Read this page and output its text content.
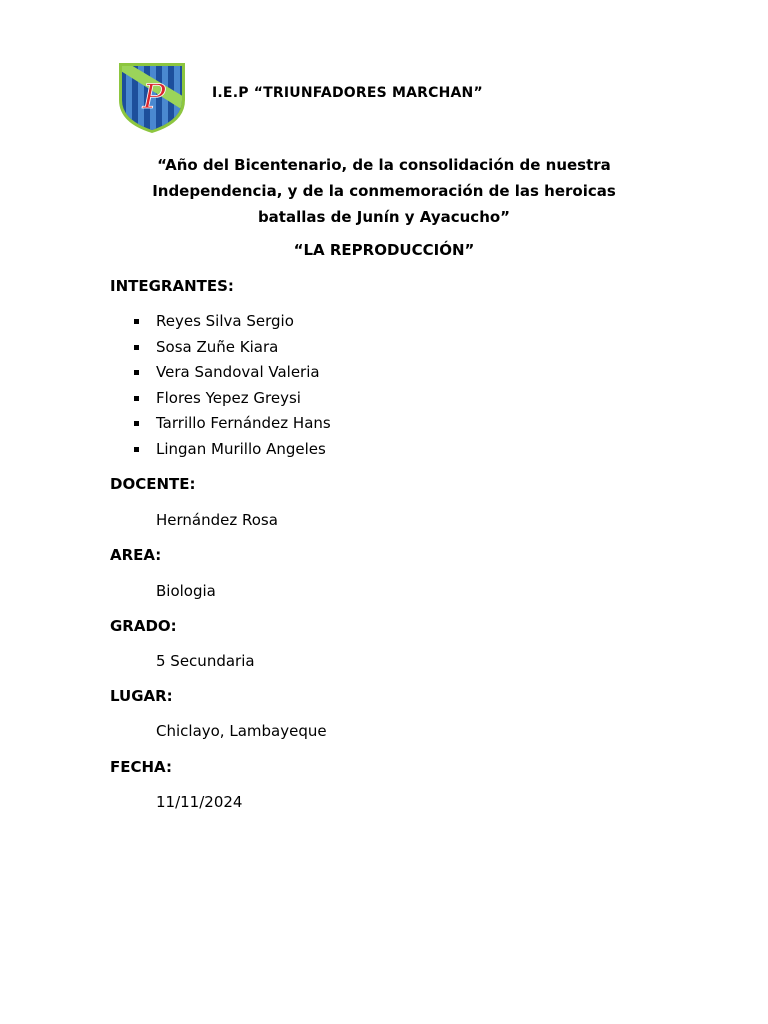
P	I.E.P “TRIUNFADORES MARCHAN”
“Año del Bicentenario, de la consolidación de nuestra
Independencia, y de la conmemoración de las heroicas
batallas de Junín y Ayacucho”
“LA REPRODUCCIÓN”
INTEGRANTES:
Reyes Silva Sergio
Sosa Zuñe Kiara
Vera Sandoval Valeria
Flores Yepez Greysi
Tarrillo Fernández Hans
Lingan Murillo Angeles
DOCENTE:
Hernández Rosa
AREA:
Biologia
GRADO:
5 Secundaria
LUGAR:
Chiclayo, Lambayeque
FECHA:
11/11/2024
